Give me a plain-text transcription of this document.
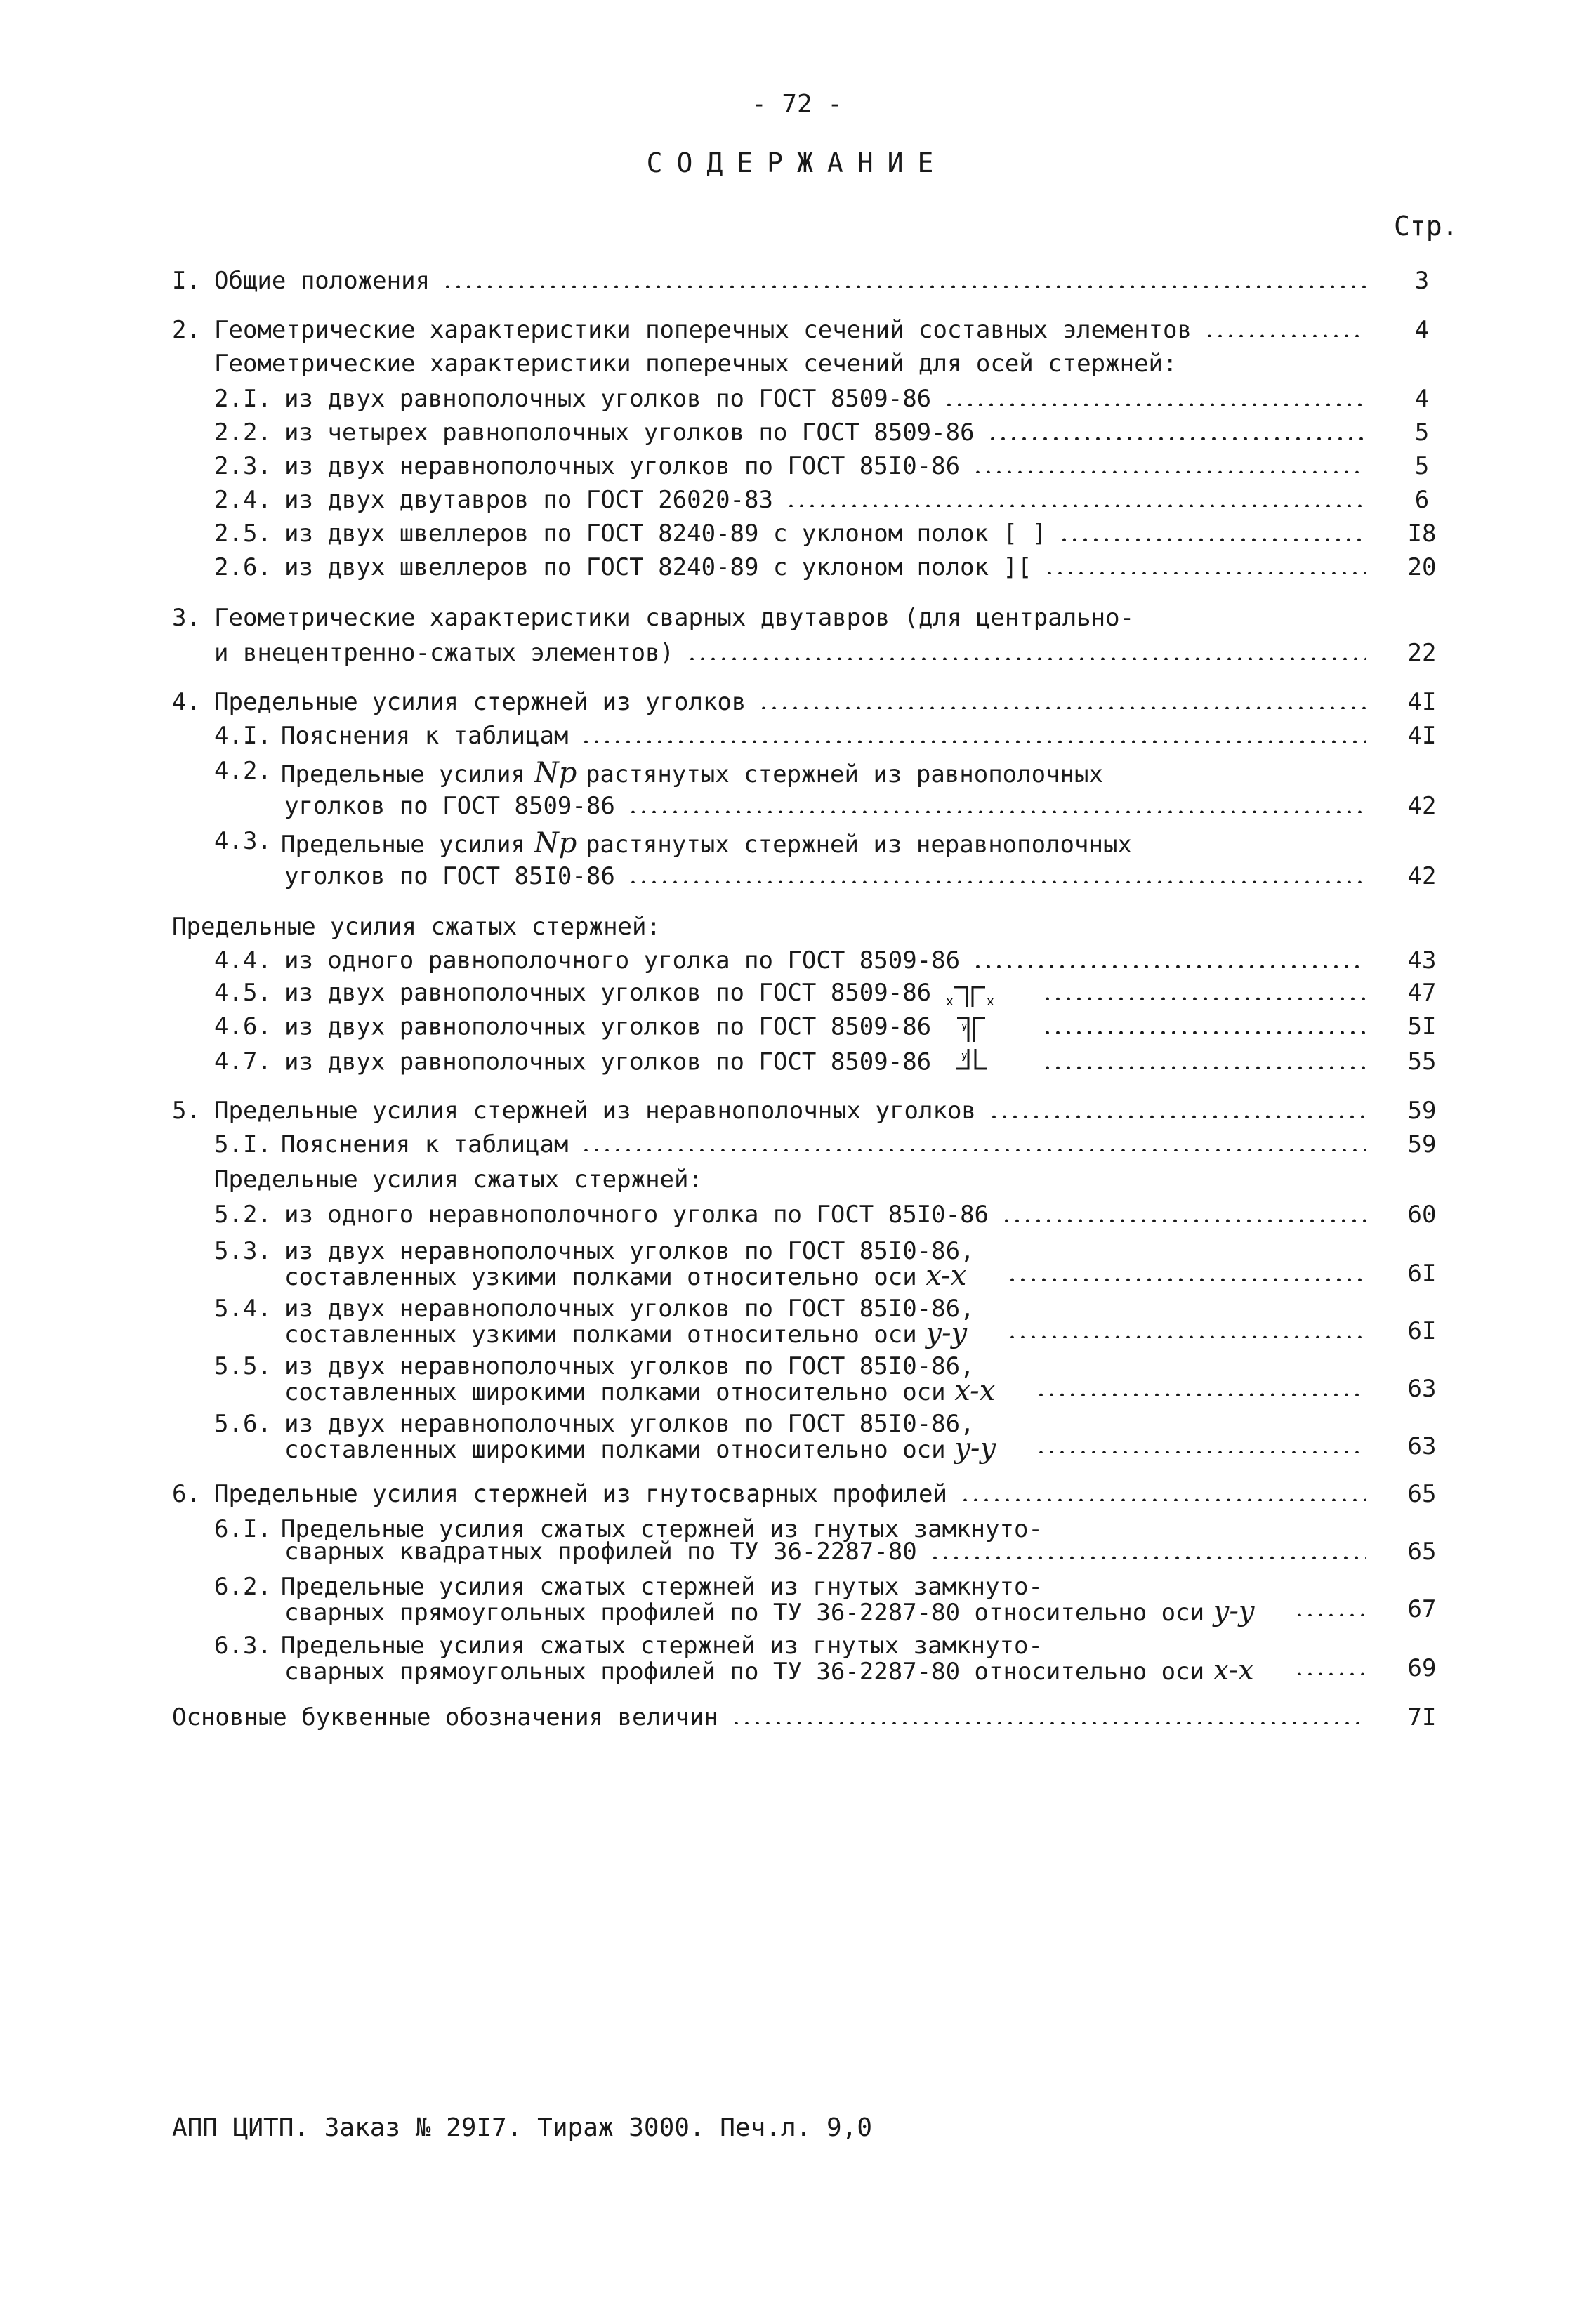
- 72 -
СОДЕРЖАНИЕ
Стр.
I. Общие положения	3
2. Геометрические характеристики поперечных сечений составных элементов	4
Геометрические характеристики поперечных сечений для осей стержней:
2.I. из двух равнополочных уголков по ГОСТ 8509-86	4
2.2. из четырех равнополочных уголков по ГОСТ 8509-86	5
2.3. из двух неравнополочных уголков по ГОСТ 85I0-86	5
2.4. из двух двутавров по ГОСТ 26020-83	6
2.5. из двух швеллеров по ГОСТ 8240-89 с уклоном полок [ ]	I8
2.6. из двух швеллеров по ГОСТ 8240-89 с уклоном полок ][	20
3. Геометрические характеристики сварных двутавров (для центрально-
и внецентренно-сжатых элементов)	22
4. Предельные усилия стержней из уголков	4I
4.I. Пояснения к таблицам	4I
4.2. Предельные усилия Np растянутых стержней из равнополочных
уголков по ГОСТ 8509-86	42
4.3. Предельные усилия Np растянутых стержней из неравнополочных
уголков по ГОСТ 85I0-86	42
Предельные усилия сжатых стержней:
4.4. из одного равнополочного уголка по ГОСТ 8509-86	43
4.5. из двух равнополочных уголков по ГОСТ 8509-86 x	x	47
4.6. из двух равнополочных уголков по ГОСТ 8509-86	y	5I
4.7. из двух равнополочных уголков по ГОСТ 8509-86	y	55
5. Предельные усилия стержней из неравнополочных уголков	59
5.I. Пояснения к таблицам	59
Предельные усилия сжатых стержней:
5.2. из одного неравнополочного уголка по ГОСТ 85I0-86	60
5.3. из двух неравнополочных уголков по ГОСТ 85I0-86,
составленных узкими полками относительно оси x-x	6I
5.4. из двух неравнополочных уголков по ГОСТ 85I0-86,
составленных узкими полками относительно оси y-y	6I
5.5. из двух неравнополочных уголков по ГОСТ 85I0-86,
составленных широкими полками относительно оси x-x	63
5.6. из двух неравнополочных уголков по ГОСТ 85I0-86,
составленных широкими полками относительно оси y-y	63
6. Предельные усилия стержней из гнутосварных профилей	65
6.I. Предельные усилия сжатых стержней из гнутых замкнуто-
сварных квадратных профилей по ТУ 36-2287-80	65
6.2. Предельные усилия сжатых стержней из гнутых замкнуто-
сварных прямоугольных профилей по ТУ 36-2287-80 относительно оси y-y	67
6.3. Предельные усилия сжатых стержней из гнутых замкнуто-
сварных прямоугольных профилей по ТУ 36-2287-80 относительно оси x-x	69
Основные буквенные обозначения величин	7I
АПП ЦИТП. Заказ № 29I7. Тираж 3000. Печ.л. 9,0
